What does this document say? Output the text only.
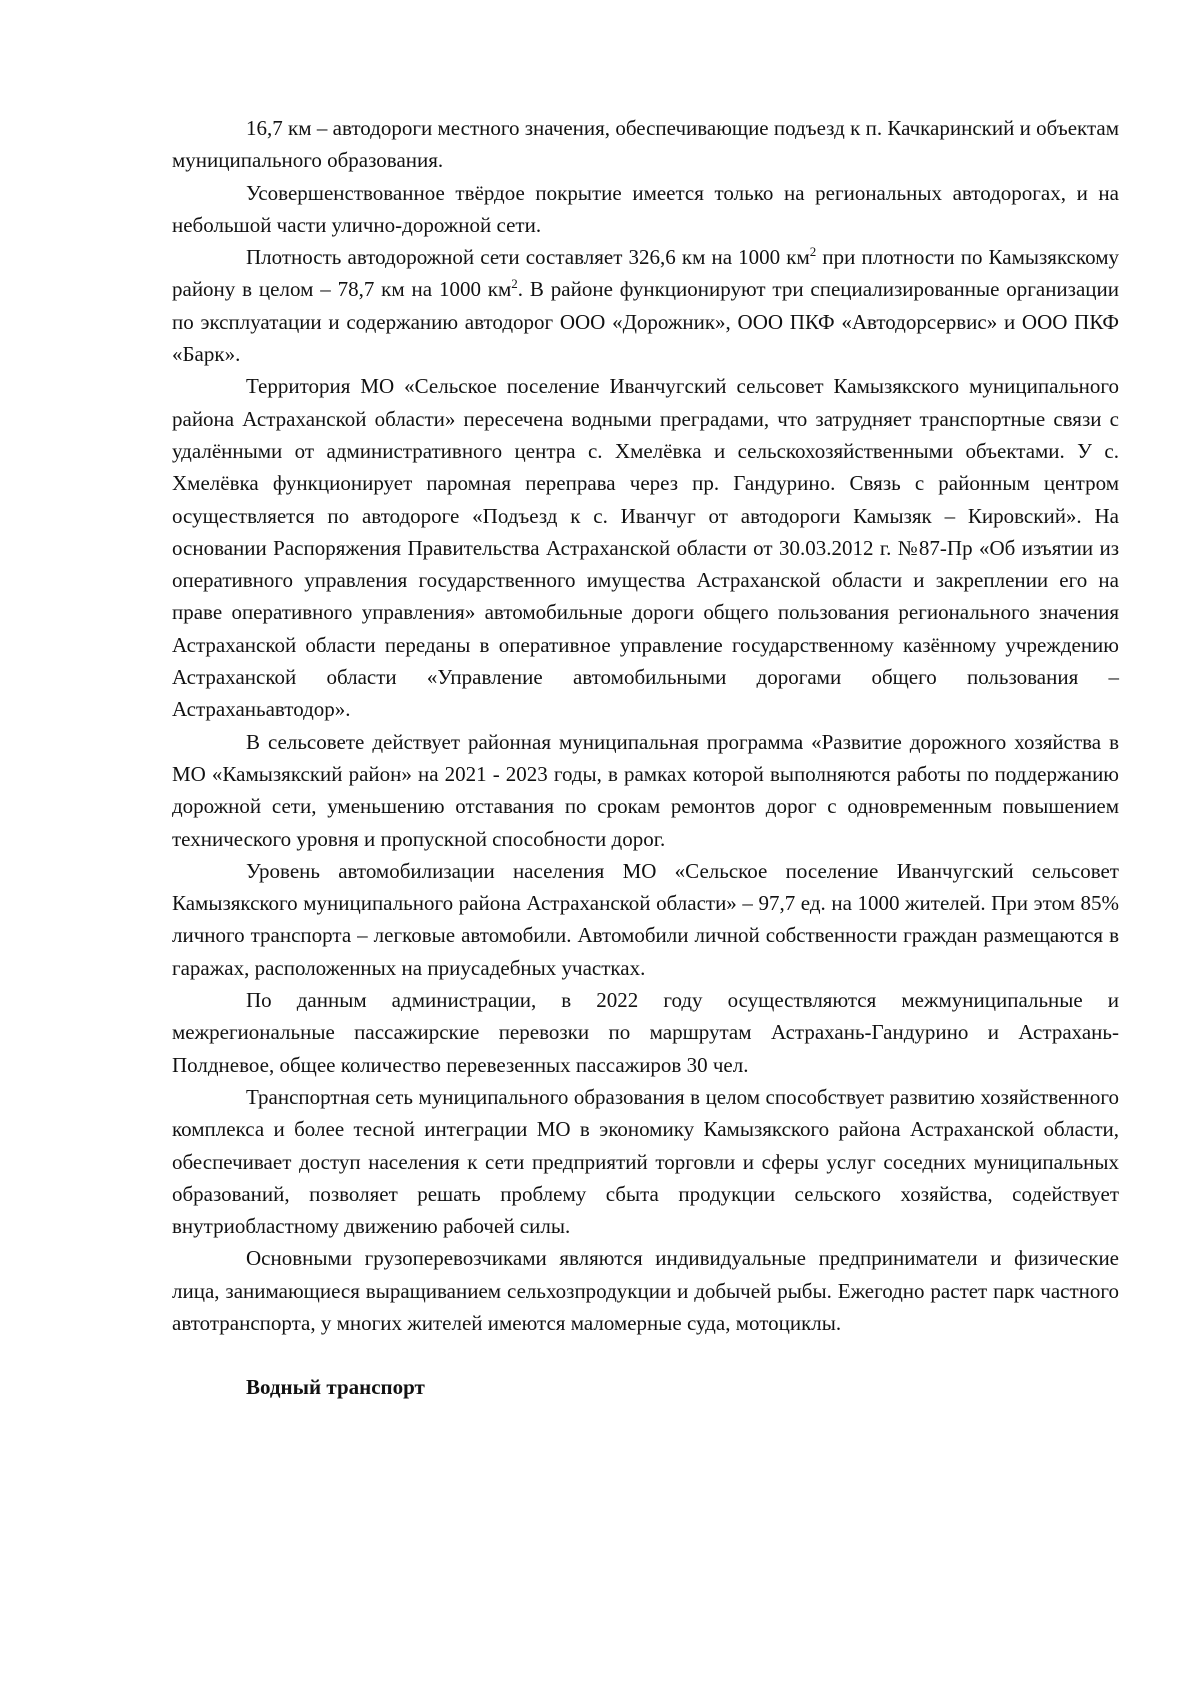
16,7 км – автодороги местного значения, обеспечивающие подъезд к п. Качкаринский и объектам муниципального образования.

Усовершенствованное твёрдое покрытие имеется только на региональных автодорогах, и на небольшой части улично-дорожной сети.

Плотность автодорожной сети составляет 326,6 км на 1000 $км^2$ при плотности по Камызякскому району в целом – 78,7 км на 1000 $км^2$. В районе функционируют три специализированные организации по эксплуатации и содержанию автодорог ООО «Дорожник», ООО ПКФ «Автодорсервис» и ООО ПКФ «Барк».

Территория МО «Сельское поселение Иванчугский сельсовет Камызякского муниципального района Астраханской области» пересечена водными преградами, что затрудняет транспортные связи с удалёнными от административного центра с. Хмелёвка и сельскохозяйственными объектами. У с. Хмелёвка функционирует паромная переправа через пр. Гандурино. Связь с районным центром осуществляется по автодороге «Подъезд к с. Иванчуг от автодороги Камызяк – Кировский». На основании Распоряжения Правительства Астраханской области от 30.03.2012 г. №87-Пр «Об изъятии из оперативного управления государственного имущества Астраханской области и закреплении его на праве оперативного управления» автомобильные дороги общего пользования регионального значения Астраханской области переданы в оперативное управление государственному казённому учреждению Астраханской области «Управление автомобильными дорогами общего пользования – Астраханьавтодор».

В сельсовете действует районная муниципальная программа «Развитие дорожного хозяйства в МО «Камызякский район» на 2021 - 2023 годы, в рамках которой выполняются работы по поддержанию дорожной сети, уменьшению отставания по срокам ремонтов дорог с одновременным повышением технического уровня и пропускной способности дорог.

Уровень автомобилизации населения МО «Сельское поселение Иванчугский сельсовет Камызякского муниципального района Астраханской области» – 97,7 ед. на 1000 жителей. При этом 85% личного транспорта – легковые автомобили. Автомобили личной собственности граждан размещаются в гаражах, расположенных на приусадебных участках.

По данным администрации, в 2022 году осуществляются межмуниципальные и межрегиональные пассажирские перевозки по маршрутам Астрахань-Гандурино и Астрахань-Полдневое, общее количество перевезенных пассажиров 30 чел.

Транспортная сеть муниципального образования в целом способствует развитию хозяйственного комплекса и более тесной интеграции МО в экономику Камызякского района Астраханской области, обеспечивает доступ населения к сети предприятий торговли и сферы услуг соседних муниципальных образований, позволяет решать проблему сбыта продукции сельского хозяйства, содействует внутриобластному движению рабочей силы.

Основными грузоперевозчиками являются индивидуальные предприниматели и физические лица, занимающиеся выращиванием сельхозпродукции и добычей рыбы. Ежегодно растет парк частного автотранспорта, у многих жителей имеются маломерные суда, мотоциклы.

Водный транспорт
